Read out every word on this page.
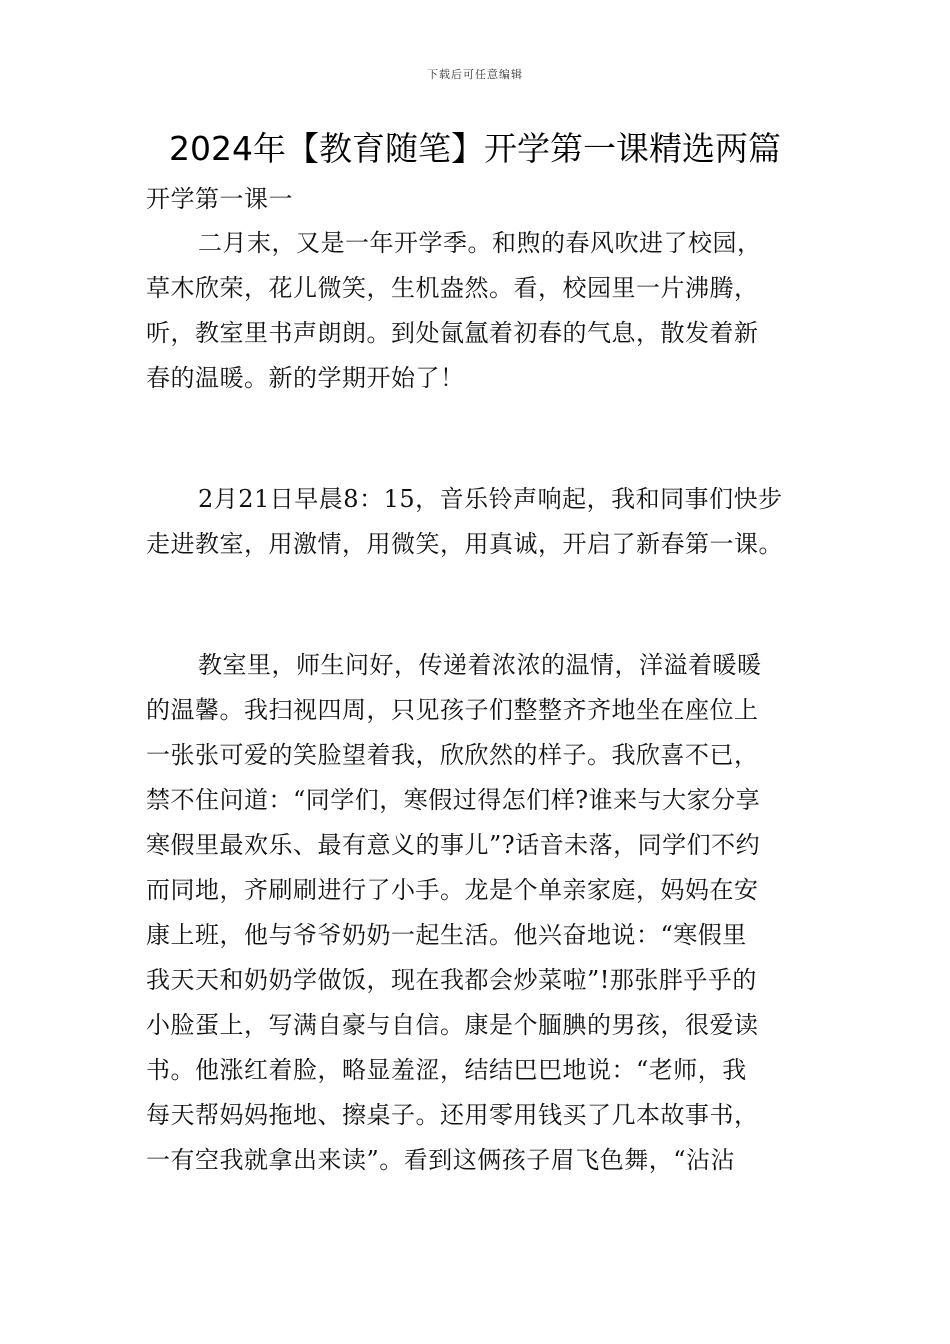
下载后可任意编辑
2024年【教育随笔】开学第一课精选两篇
开学第一课一
二月末，又是一年开学季。和煦的春风吹进了校园，
草木欣荣，花儿微笑，生机盎然。看，校园里一片沸腾，
听，教室里书声朗朗。到处氤氲着初春的气息，散发着新
春的温暖。新的学期开始了！
2月21日早晨8：15，音乐铃声响起，我和同事们快步
走进教室，用激情，用微笑，用真诚，开启了新春第一课。
教室里，师生问好，传递着浓浓的温情，洋溢着暖暖
的温馨。我扫视四周，只见孩子们整整齐齐地坐在座位上
一张张可爱的笑脸望着我，欣欣然的样子。我欣喜不已，
禁不住问道：“同学们，寒假过得怎们样?谁来与大家分享
寒假里最欢乐、最有意义的事儿”?话音未落，同学们不约
而同地，齐刷刷进行了小手。龙是个单亲家庭，妈妈在安
康上班，他与爷爷奶奶一起生活。他兴奋地说：“寒假里
我天天和奶奶学做饭，现在我都会炒菜啦”!那张胖乎乎的
小脸蛋上，写满自豪与自信。康是个腼腆的男孩，很爱读
书。他涨红着脸，略显羞涩，结结巴巴地说：“老师，我
每天帮妈妈拖地、擦桌子。还用零用钱买了几本故事书，
一有空我就拿出来读”。看到这俩孩子眉飞色舞，“沾沾
